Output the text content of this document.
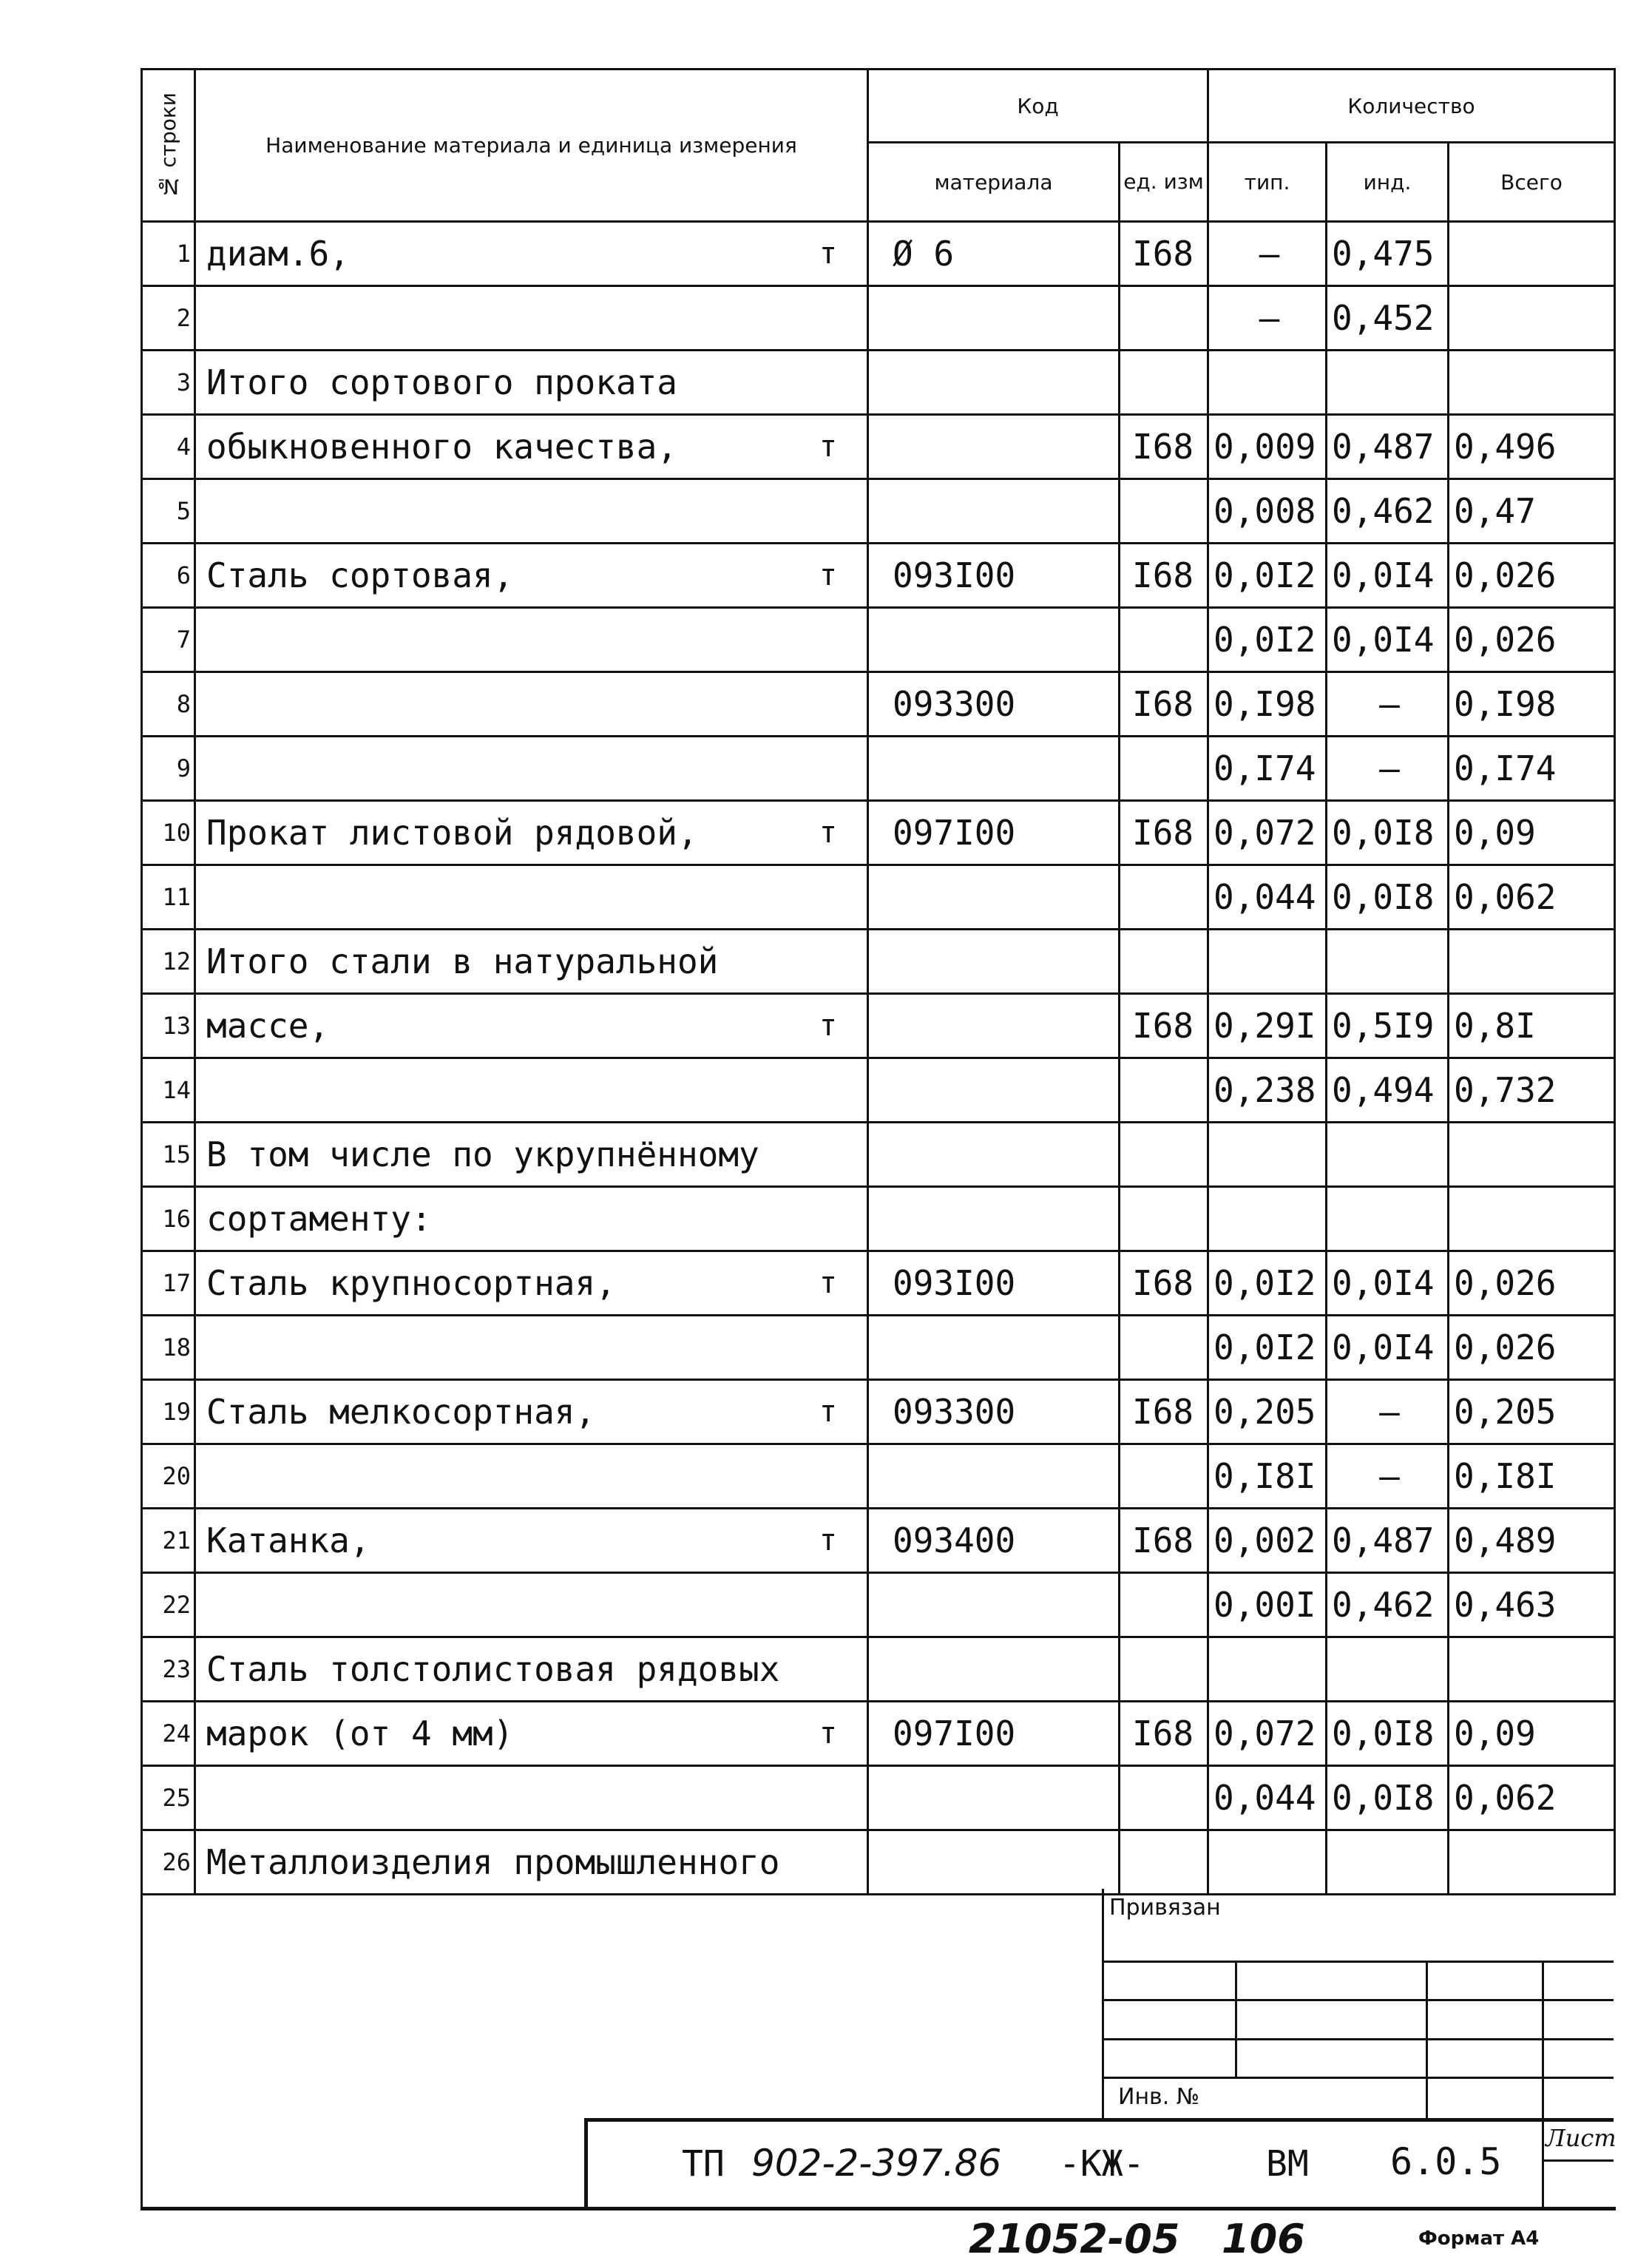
№ строки	Наименование материала и единица измерения	Код		Количество		
		материала	ед. изм	тип.	инд.	Всего
1	диам.6, т	Ø 6	I68	–	0,475	
2				–	0,452	
3	Итого сортового проката

4	обыкновенного качества, т		I68	0,009	0,487	0,496
5				0,008	0,462	0,47
6	Сталь сортовая, т	093I00	I68	0,0I2	0,0I4	0,026
7				0,0I2	0,0I4	0,026
8		093300	I68	0,I98	–	0,I98
9				0,I74	–	0,I74
10	Прокат листовой рядовой, т	097I00	I68	0,072	0,0I8	0,09
11				0,044	0,0I8	0,062
12	Итого стали в натуральной

13	массе, т		I68	0,29I	0,5I9	0,8I
14				0,238	0,494	0,732
15	В том числе по укрупнённому

16	сортаменту:

17	Сталь крупносортная, т	093I00	I68	0,0I2	0,0I4	0,026
18				0,0I2	0,0I4	0,026
19	Сталь мелкосортная, т	093300	I68	0,205	–	0,205
20				0,I8I	–	0,I8I
21	Катанка, т	093400	I68	0,002	0,487	0,489
22				0,00I	0,462	0,463
23	Сталь толстолистовая рядовых

24	марок (от 4 мм) т	097I00	I68	0,072	0,0I8	0,09
25				0,044	0,0I8	0,062
26	Металлоизделия промышленного

Привязан
Инв. №
Лист
ТП 902-2-397.86 -КЖ-	ВМ 6.0.5
21052-05 106	Формат А4
